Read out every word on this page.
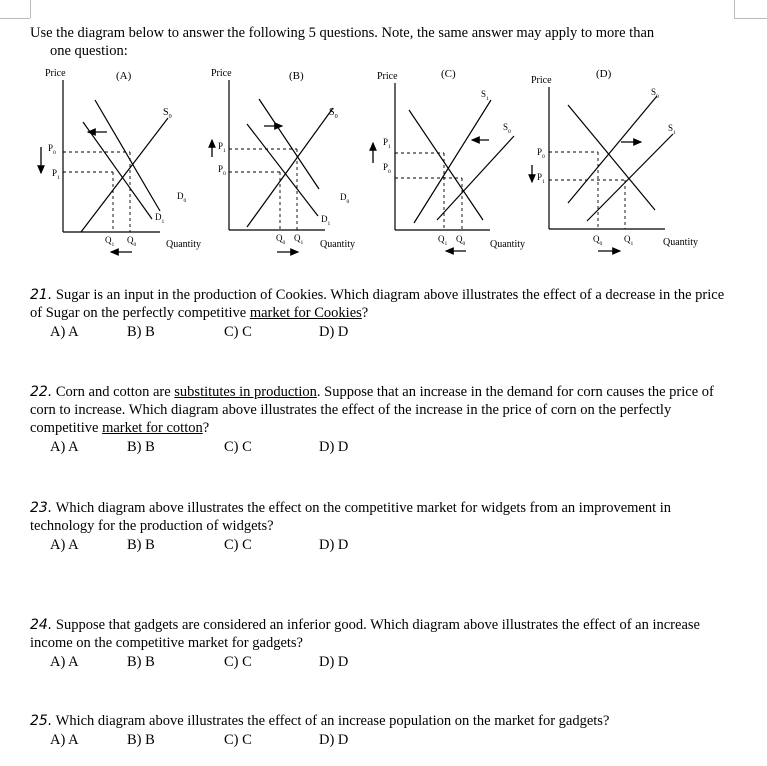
Use the diagram below to answer the following 5 questions. Note, the same answer may apply to more than
one question:
Price	(A)
$S_0$
$D_0$
$D_1$
$P_0$
$P_1$
$Q_1$ $Q_0$	Quantity
Price	(B)
$S_0$
$D_0$
$D_1$
$P_1$
$P_0$
$Q_0$ $Q_1$ Quantity
Price	(C)
$S_1$
$S_0$
$P_1$
$P_0$
$Q_1$ $Q_0$ Quantity
Price
(D)
$S_0$
$S_1$
$P_0$
$P_1$
$Q_0$ $Q_1$	Quantity
21. Sugar is an input in the production of Cookies. Which diagram above illustrates the effect of a decrease in the price of Sugar on the perfectly competitive market for Cookies?
A) A	B) B	C) C	D) D
22. Corn and cotton are substitutes in production. Suppose that an increase in the demand for corn causes the price of corn to increase. Which diagram above illustrates the effect of the increase in the price of corn on the perfectly competitive market for cotton?
A) A	B) B	C) C	D) D
23. Which diagram above illustrates the effect on the competitive market for widgets from an improvement in technology for the production of widgets?
A) A	B) B	C) C	D) D
24. Suppose that gadgets are considered an inferior good. Which diagram above illustrates the effect of an increase income on the competitive market for gadgets?
A) A	B) B	C) C	D) D
25. Which diagram above illustrates the effect of an increase population on the market for gadgets?
A) A	B) B	C) C	D) D
